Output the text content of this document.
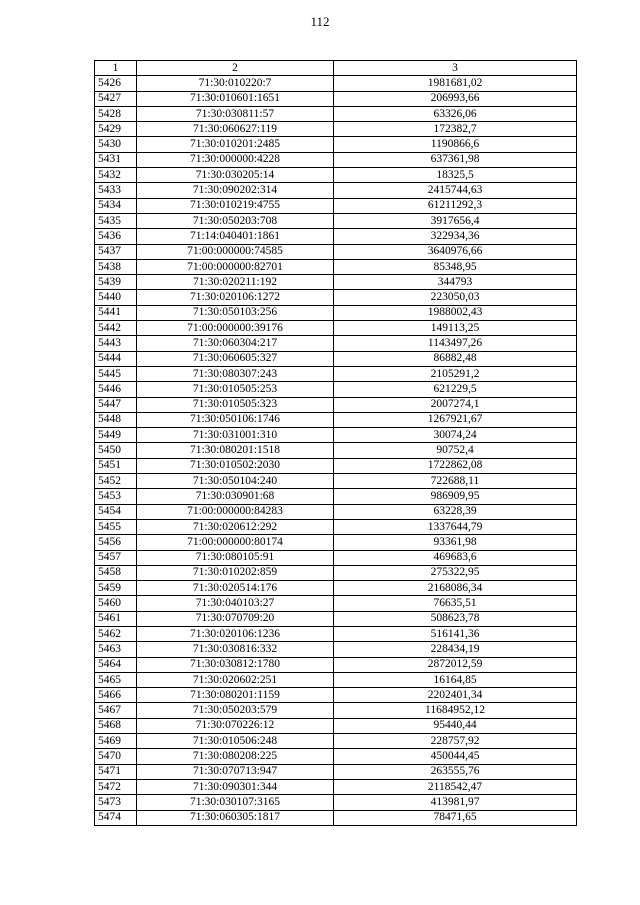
112
1	2	3
5426	71:30:010220:7	1981681,02
5427	71:30:010601:1651	206993,66
5428	71:30:030811:57	63326,06
5429	71:30:060627:119	172382,7
5430	71:30:010201:2485	1190866,6
5431	71:30:000000:4228	637361,98
5432	71:30:030205:14	18325,5
5433	71:30:090202:314	2415744,63
5434	71:30:010219:4755	61211292,3
5435	71:30:050203:708	3917656,4
5436	71:14:040401:1861	322934,36
5437	71:00:000000:74585	3640976,66
5438	71:00:000000:82701	85348,95
5439	71:30:020211:192	344793
5440	71:30:020106:1272	223050,03
5441	71:30:050103:256	1988002,43
5442	71:00:000000:39176	149113,25
5443	71:30:060304:217	1143497,26
5444	71:30:060605:327	86882,48
5445	71:30:080307:243	2105291,2
5446	71:30:010505:253	621229,5
5447	71:30:010505:323	2007274,1
5448	71:30:050106:1746	1267921,67
5449	71:30:031001:310	30074,24
5450	71:30:080201:1518	90752,4
5451	71:30:010502:2030	1722862,08
5452	71:30:050104:240	722688,11
5453	71:30:030901:68	986909,95
5454	71:00:000000:84283	63228,39
5455	71:30:020612:292	1337644,79
5456	71:00:000000:80174	93361,98
5457	71:30:080105:91	469683,6
5458	71:30:010202:859	275322,95
5459	71:30:020514:176	2168086,34
5460	71:30:040103:27	76635,51
5461	71:30:070709:20	508623,78
5462	71:30:020106:1236	516141,36
5463	71:30:030816:332	228434,19
5464	71:30:030812:1780	2872012,59
5465	71:30:020602:251	16164,85
5466	71:30:080201:1159	2202401,34
5467	71:30:050203:579	11684952,12
5468	71:30:070226:12	95440,44
5469	71:30:010506:248	228757,92
5470	71:30:080208:225	450044,45
5471	71:30:070713:947	263555,76
5472	71:30:090301:344	2118542,47
5473	71:30:030107:3165	413981,97
5474	71:30:060305:1817	78471,65
